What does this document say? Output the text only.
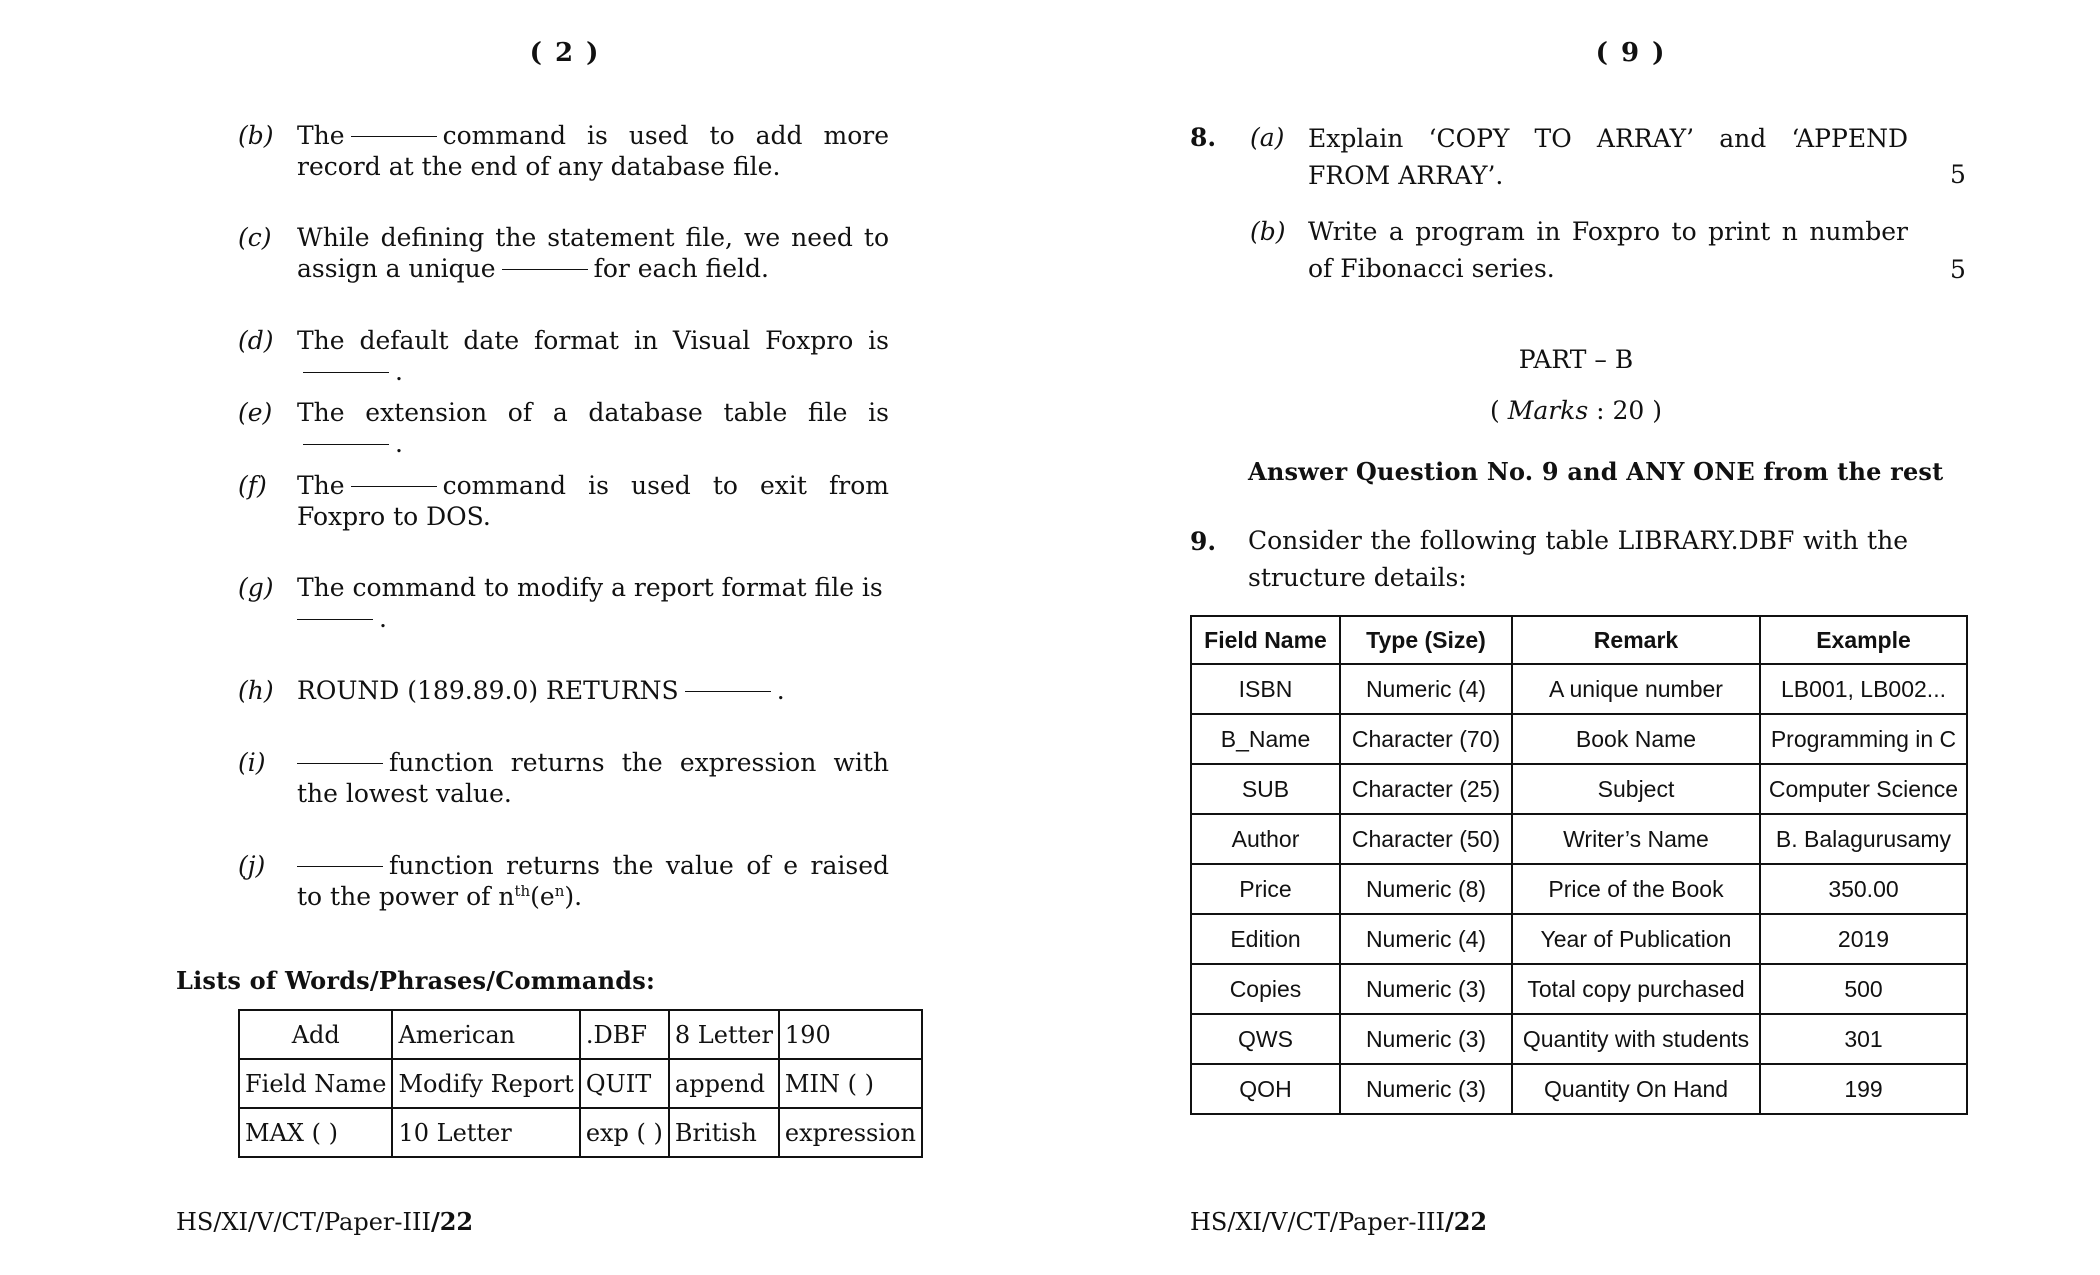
( 2 )
(b) The	command is used to add more record at the end of any database file.
(c) While defining the statement file, we need to assign a unique	for each field.
(d) The default date format in Visual Foxpro is.
(e) The extension of a database table file is.
(f) The	command is used to exit from Foxpro to DOS.
(g) The command to modify a report format file is
.
(h) ROUND (189.89.0) RETURNS	.
(i)	function returns the expression with the lowest value.
(j)	function returns the value of e raised to the power of $n^{th}(e^n)$.
Lists of Words/Phrases/Commands:
Add	American	.DBF	8 Letter	190
Field Name	Modify Report	QUIT	append	MIN ( )
MAX ( )	10 Letter	exp ( )	British	expression
HS/XI/V/CT/Paper-III/22
( 9 )
8. (a) Explain ‘COPY TO ARRAY’ and ‘APPEND FROM ARRAY’.	5
(b) Write a program in Foxpro to print n number of Fibonacci series.	5
PART – B
( Marks : 20 )
Answer Question No. 9 and ANY ONE from the rest
9. Consider the following table LIBRARY.DBF with the structure details:
Field Name	Type (Size)	Remark	Example
ISBN	Numeric (4)	A unique number	LB001, LB002...
B_Name	Character (70)	Book Name	Programming in C
SUB	Character (25)	Subject	Computer Science
Author	Character (50)	Writer’s Name	B. Balagurusamy
Price	Numeric (8)	Price of the Book	350.00
Edition	Numeric (4)	Year of Publication	2019
Copies	Numeric (3)	Total copy purchased	500
QWS	Numeric (3)	Quantity with students	301
QOH	Numeric (3)	Quantity On Hand	199
HS/XI/V/CT/Paper-III/22
